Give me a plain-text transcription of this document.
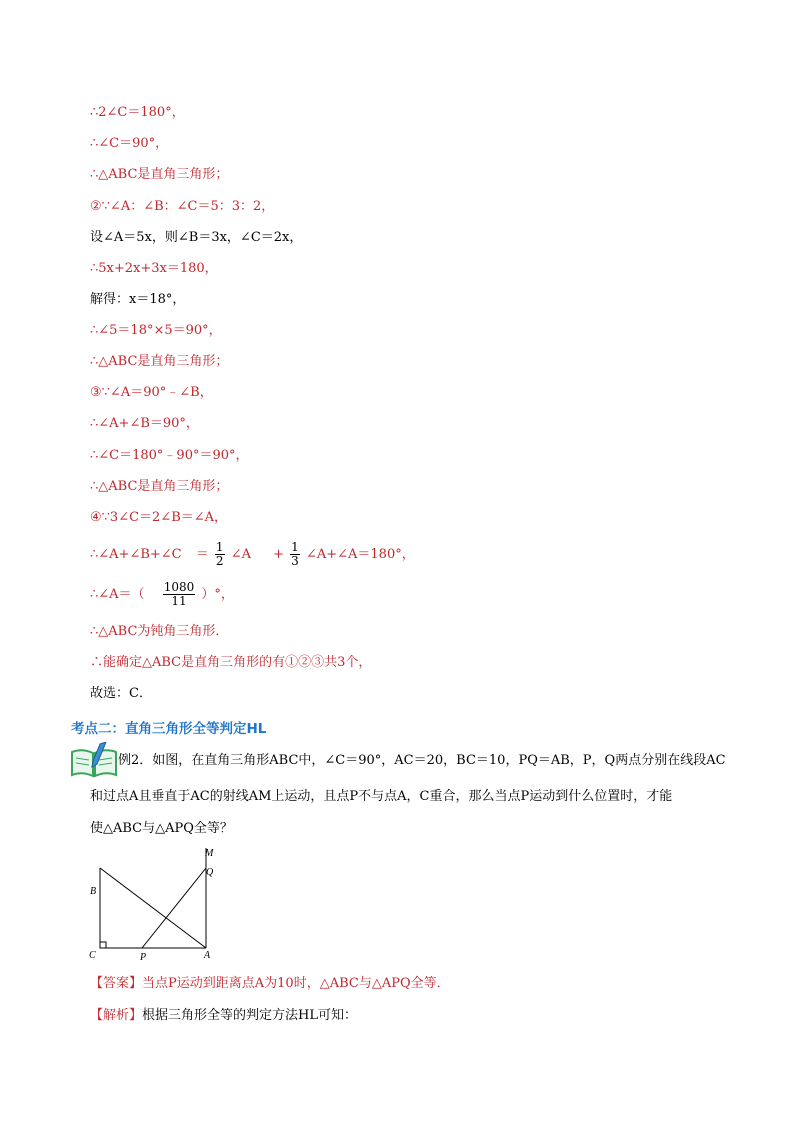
∴2∠C＝180°，
∴∠C＝90°，
∴△ABC是直角三角形；
②∵∠A：∠B：∠C＝5：3：2，
设∠A＝5x，则∠B＝3x，∠C＝2x，
∴5x+2x+3x＝180，
解得：x＝18°，
∴∠5＝18°×5＝90°，
∴△ABC是直角三角形；
③∵∠A＝90°﹣∠B，
∴∠A+∠B＝90°，
∴∠C＝180°﹣90°＝90°，
∴△ABC是直角三角形；
④∵3∠C＝2∠B＝∠A，
∴∠A+∠B+∠C ＝ $\frac{1}{2}$ ∠A + $\frac{1}{3}$ ∠A+∠A＝180°，
∴∠A＝（ $\frac{1080}{11}$ ）°，
∴△ABC为钝角三角形．
∴能确定△ABC是直角三角形的有①②③共3个，
故选：C．
考点二：直角三角形全等判定HL
例2．如图，在直角三角形ABC中，∠C＝90°，AC＝20，BC＝10，PQ＝AB，P，Q两点分别在线段AC
和过点A且垂直于AC的射线AM上运动，且点P不与点A，C重合，那么当点P运动到什么位置时，才能
使△ABC与△APQ全等？
M
Q
B
C	P	A
【答案】当点P运动到距离点A为10时，△ABC与△APQ全等．
【解析】根据三角形全等的判定方法HL可知：
